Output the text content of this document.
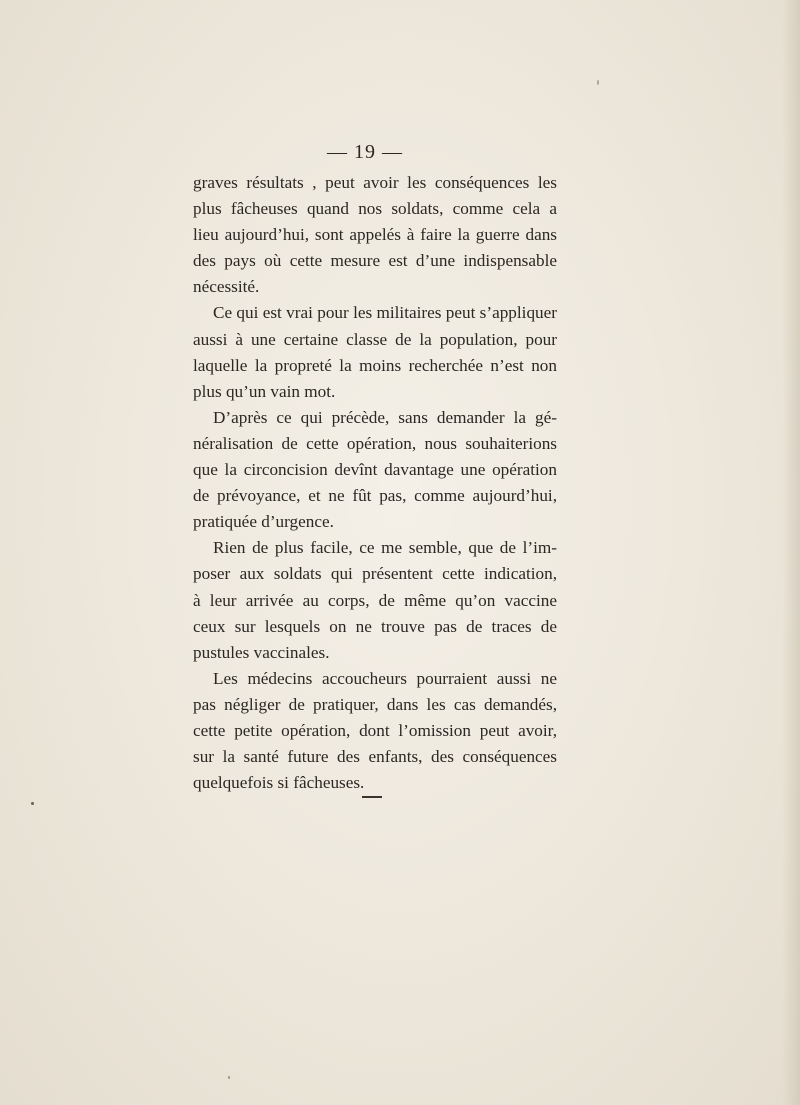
— 19 —

graves résultats , peut avoir les conséquences les

plus fâcheuses quand nos soldats, comme cela a

lieu aujourd’hui, sont appelés à faire la guerre dans

des pays où cette mesure est d’une indispensable

nécessité.

Ce qui est vrai pour les militaires peut s’appliquer

aussi à une certaine classe de la population, pour

laquelle la propreté la moins recherchée n’est non

plus qu’un vain mot.

D’après ce qui précède, sans demander la gé-

néralisation de cette opération, nous souhaiterions

que la circoncision devînt davantage une opération

de prévoyance, et ne fût pas, comme aujourd’hui,

pratiquée d’urgence.

Rien de plus facile, ce me semble, que de l’im-

poser aux soldats qui présentent cette indication,

à leur arrivée au corps, de même qu’on vaccine

ceux sur lesquels on ne trouve pas de traces de

pustules vaccinales.

Les médecins accoucheurs pourraient aussi ne

pas négliger de pratiquer, dans les cas demandés,

cette petite opération, dont l’omission peut avoir,

sur la santé future des enfants, des conséquences

quelquefois si fâcheuses.
